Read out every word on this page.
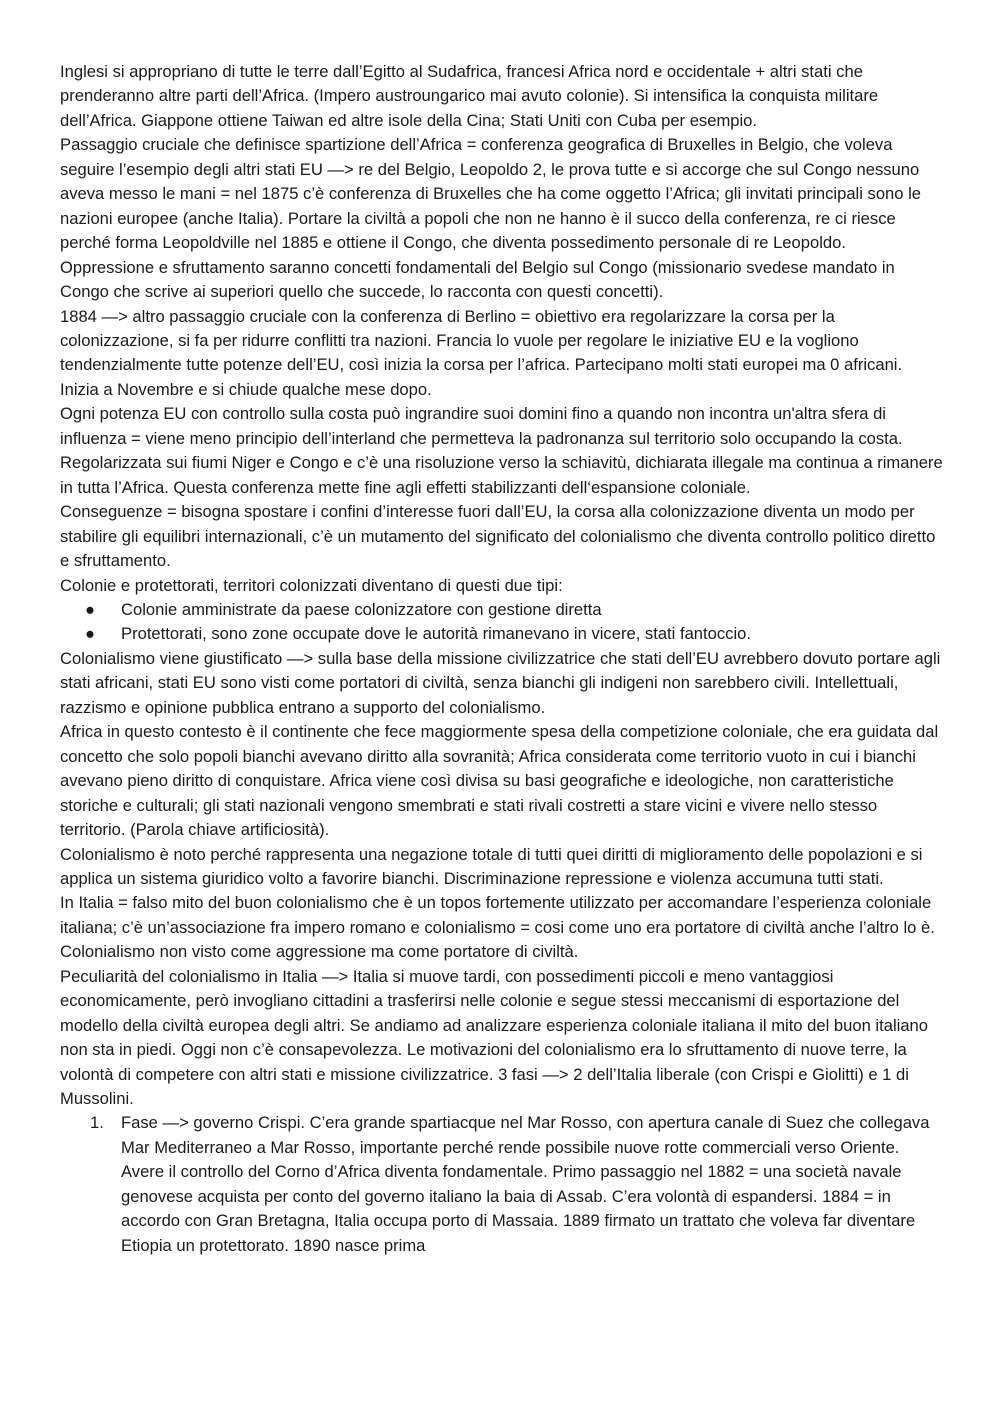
Inglesi si appropriano di tutte le terre dall’Egitto al Sudafrica, francesi Africa nord e occidentale + altri stati che prenderanno altre parti dell’Africa. (Impero austroungarico mai avuto colonie). Si intensifica la conquista militare dell’Africa. Giappone ottiene Taiwan ed altre isole della Cina; Stati Uniti con Cuba per esempio.

Passaggio cruciale che definisce spartizione dell’Africa = conferenza geografica di Bruxelles in Belgio, che voleva seguire l’esempio degli altri stati EU —> re del Belgio, Leopoldo 2, le prova tutte e si accorge che sul Congo nessuno aveva messo le mani = nel 1875 c’è conferenza di Bruxelles che ha come oggetto l’Africa; gli invitati principali sono le nazioni europee (anche Italia). Portare la civiltà a popoli che non ne hanno è il succo della conferenza, re ci riesce perché forma Leopoldville nel 1885 e ottiene il Congo, che diventa possedimento personale di re Leopoldo. Oppressione e sfruttamento saranno concetti fondamentali del Belgio sul Congo (missionario svedese mandato in Congo che scrive ai superiori quello che succede, lo racconta con questi concetti).

1884 —> altro passaggio cruciale con la conferenza di Berlino = obiettivo era regolarizzare la corsa per la colonizzazione, si fa per ridurre conflitti tra nazioni. Francia lo vuole per regolare le iniziative EU e la vogliono tendenzialmente tutte potenze dell’EU, così inizia la corsa per l’africa. Partecipano molti stati europei ma 0 africani. Inizia a Novembre e si chiude qualche mese dopo.

Ogni potenza EU con controllo sulla costa può ingrandire suoi domini fino a quando non incontra un'altra sfera di influenza = viene meno principio dell’interland che permetteva la padronanza sul territorio solo occupando la costa. Regolarizzata sui fiumi Niger e Congo e c’è una risoluzione verso la schiavitù, dichiarata illegale ma continua a rimanere in tutta l’Africa. Questa conferenza mette fine agli effetti stabilizzanti dell‘espansione coloniale.

Conseguenze = bisogna spostare i confini d’interesse fuori dall’EU, la corsa alla colonizzazione diventa un modo per stabilire gli equilibri internazionali, c’è un mutamento del significato del colonialismo che diventa controllo politico diretto e sfruttamento.

Colonie e protettorati, territori colonizzati diventano di questi due tipi:

● Colonie amministrate da paese colonizzatore con gestione diretta
● Protettorati, sono zone occupate dove le autorità rimanevano in vicere, stati fantoccio.

Colonialismo viene giustificato —> sulla base della missione civilizzatrice che stati dell’EU avrebbero dovuto portare agli stati africani, stati EU sono visti come portatori di civiltà, senza bianchi gli indigeni non sarebbero civili. Intellettuali, razzismo e opinione pubblica entrano a supporto del colonialismo.

Africa in questo contesto è il continente che fece maggiormente spesa della competizione coloniale, che era guidata dal concetto che solo popoli bianchi avevano diritto alla sovranità; Africa considerata come territorio vuoto in cui i bianchi avevano pieno diritto di conquistare. Africa viene così divisa su basi geografiche e ideologiche, non caratteristiche storiche e culturali; gli stati nazionali vengono smembrati e stati rivali costretti a stare vicini e vivere nello stesso territorio. (Parola chiave artificiosità).

Colonialismo è noto perché rappresenta una negazione totale di tutti quei diritti di miglioramento delle popolazioni e si applica un sistema giuridico volto a favorire bianchi. Discriminazione repressione e violenza accumuna tutti stati.

In Italia = falso mito del buon colonialismo che è un topos fortemente utilizzato per accomandare l’esperienza coloniale italiana; c’è un’associazione fra impero romano e colonialismo = cosi come uno era portatore di civiltà anche l’altro lo è. Colonialismo non visto come aggressione ma come portatore di civiltà.

Peculiarità del colonialismo in Italia —> Italia si muove tardi, con possedimenti piccoli e meno vantaggiosi economicamente, però invogliano cittadini a trasferirsi nelle colonie e segue stessi meccanismi di esportazione del modello della civiltà europea degli altri. Se andiamo ad analizzare esperienza coloniale italiana il mito del buon italiano non sta in piedi. Oggi non c’è consapevolezza. Le motivazioni del colonialismo era lo sfruttamento di nuove terre, la volontà di competere con altri stati e missione civilizzatrice. 3 fasi —> 2 dell’Italia liberale (con Crispi e Giolitti) e 1 di Mussolini.

1. Fase —> governo Crispi. C’era grande spartiacque nel Mar Rosso, con apertura canale di Suez che collegava Mar Mediterraneo a Mar Rosso, importante perché rende possibile nuove rotte commerciali verso Oriente. Avere il controllo del Corno d’Africa diventa fondamentale. Primo passaggio nel 1882 = una società navale genovese acquista per conto del governo italiano la baia di Assab. C’era volontà di espandersi. 1884 = in accordo con Gran Bretagna, Italia occupa porto di Massaia. 1889 firmato un trattato che voleva far diventare Etiopia un protettorato. 1890 nasce prima
